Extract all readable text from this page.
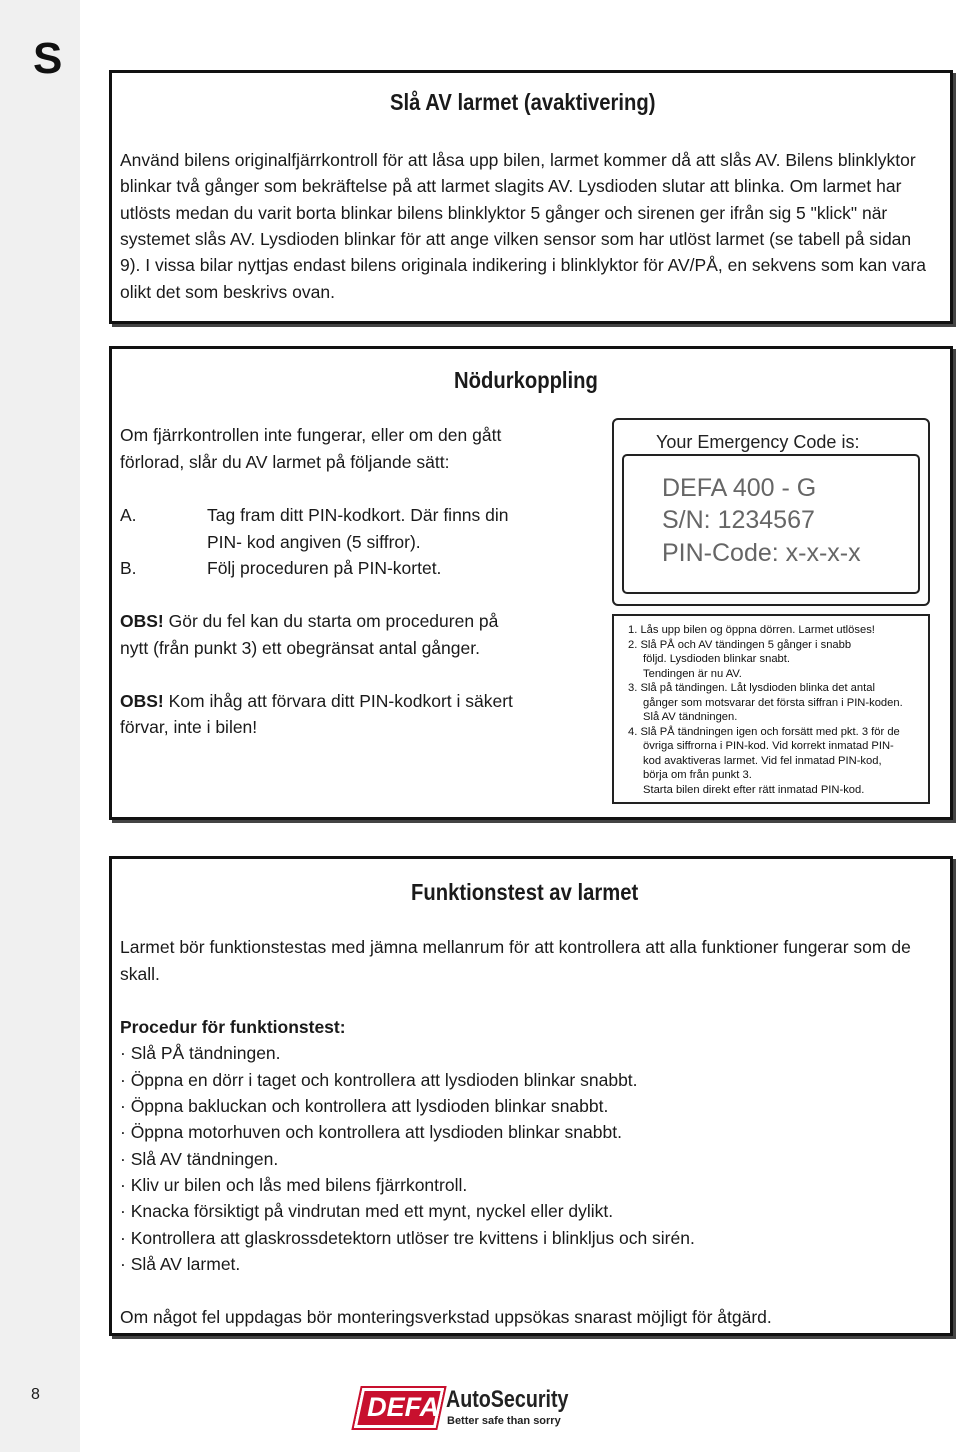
S
8
Slå AV larmet (avaktivering)
Använd bilens originalfjärrkontroll för att låsa upp bilen, larmet kommer då att slås AV. Bilens blinklyktor
blinkar två gånger som bekräftelse på att larmet slagits AV. Lysdioden slutar att blinka. Om larmet har
utlösts medan du varit borta blinkar bilens blinklyktor 5 gånger och sirenen ger ifrån sig 5 "klick" när
systemet slås AV. Lysdioden blinkar för att ange vilken sensor som har utlöst larmet (se tabell på sidan
9). I vissa bilar nyttjas endast bilens originala indikering i blinklyktor för AV/PÅ, en sekvens som kan vara
olikt det som beskrivs ovan.
Nödurkoppling
Om fjärrkontrollen inte fungerar, eller om den gått
förlorad, slår du AV larmet på följande sätt:
A.	Tag fram ditt PIN-kodkort. Där finns din
PIN- kod angiven (5 siffror).
B.	Följ proceduren på PIN-kortet.
OBS! Gör du fel kan du starta om proceduren på
nytt (från punkt 3) ett obegränsat antal gånger.
OBS! Kom ihåg att förvara ditt PIN-kodkort i säkert
förvar, inte i bilen!
Your Emergency Code is:
DEFA 400 - G
S/N: 1234567
PIN-Code: x-x-x-x
1. Lås upp bilen og öppna dörren. Larmet utlöses!
2. Slå PÅ och AV tändingen 5 gånger i snabb
följd. Lysdioden blinkar snabt.
Tendingen är nu AV.
3. Slå på tändingen. Låt lysdioden blinka det antal
gånger som motsvarar det första siffran i PIN-koden.
Slå AV tändningen.
4. Slå PÅ tändningen igen och forsätt med pkt. 3 för de
övriga siffrorna i PIN-kod. Vid korrekt inmatad PIN-
kod avaktiveras larmet. Vid fel inmatad PIN-kod,
börja om från punkt 3.
Starta bilen direkt efter rätt inmatad PIN-kod.
Funktionstest av larmet
Larmet bör funktionstestas med jämna mellanrum för att kontrollera att alla funktioner fungerar som de
skall.
Procedur för funktionstest:
· Slå PÅ tändningen.
· Öppna en dörr i taget och kontrollera att lysdioden blinkar snabbt.
· Öppna bakluckan och kontrollera att lysdioden blinkar snabbt.
· Öppna motorhuven och kontrollera att lysdioden blinkar snabbt.
· Slå AV tändningen.
· Kliv ur bilen och lås med bilens fjärrkontroll.
· Knacka försiktigt på vindrutan med ett mynt, nyckel eller dylikt.
· Kontrollera att glaskrossdetektorn utlöser tre kvittens i blinkljus och sirén.
· Slå AV larmet.
Om något fel uppdagas bör monteringsverkstad uppsökas snarast möjligt för åtgärd.
DEFA AutoSecurity
Better safe than sorry
